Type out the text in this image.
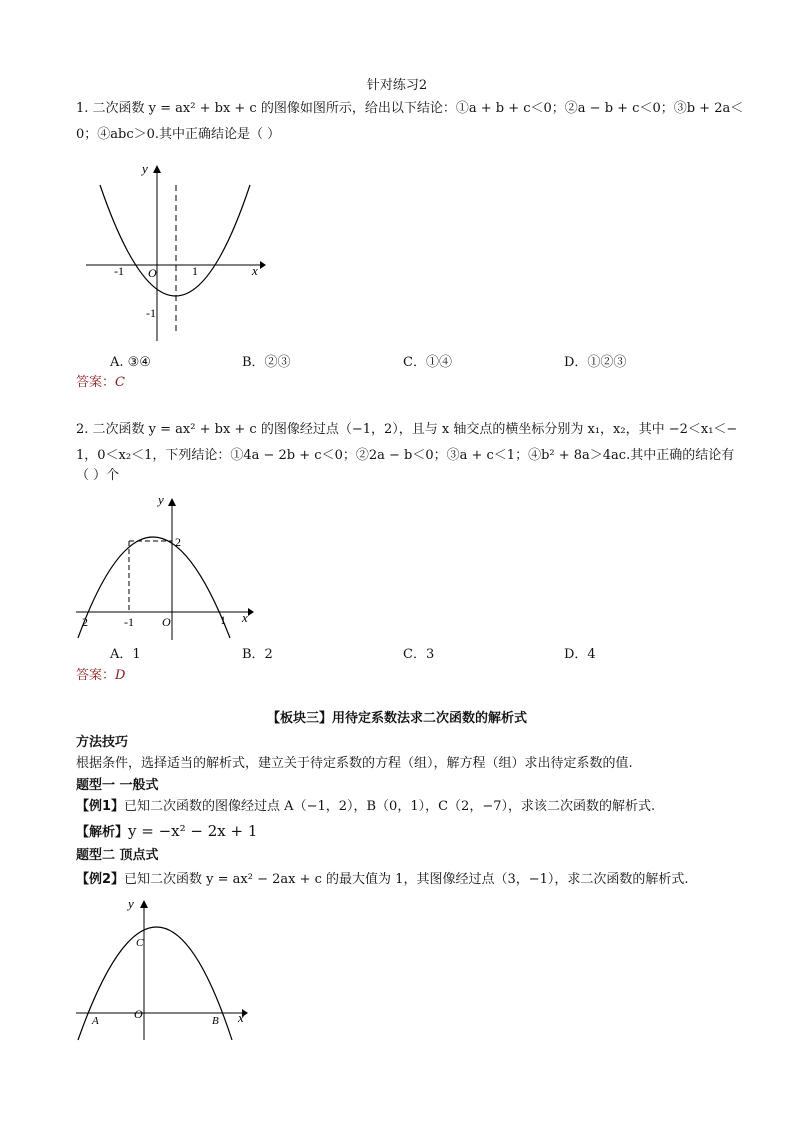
针对练习2
1. 二次函数 y = ax² + bx + c 的图像如图所示，给出以下结论：①a + b + c＜0；②a − b + c＜0；③b + 2a＜
0；④abc＞0.其中正确结论是（ ）
y
x
O
-1	1
-1
A. ③④	B．②③	C．①④	D．①②③
答案：C
2. 二次函数 y = ax² + bx + c 的图像经过点（−1，2），且与 x 轴交点的横坐标分别为 x₁，x₂，其中 −2＜x₁＜−
1，0＜x₂＜1，下列结论：①4a − 2b + c＜0；②2a − b＜0；③a + c＜1；④b² + 8a＞4ac.其中正确的结论有
（ ）个
y
x
O
2
2	-1	1
A．1	B．2	C．3	D．4
答案：D
【板块三】用待定系数法求二次函数的解析式
方法技巧
根据条件，选择适当的解析式，建立关于待定系数的方程（组），解方程（组）求出待定系数的值.
题型一 一般式
【例1】已知二次函数的图像经过点 A（−1，2），B（0，1），C（2，−7），求该二次函数的解析式.
【解析】y = −x² − 2x + 1
题型二 顶点式
【例2】已知二次函数 y = ax² − 2ax + c 的最大值为 1，其图像经过点（3，−1），求二次函数的解析式.
y
x
O
A	B
C
